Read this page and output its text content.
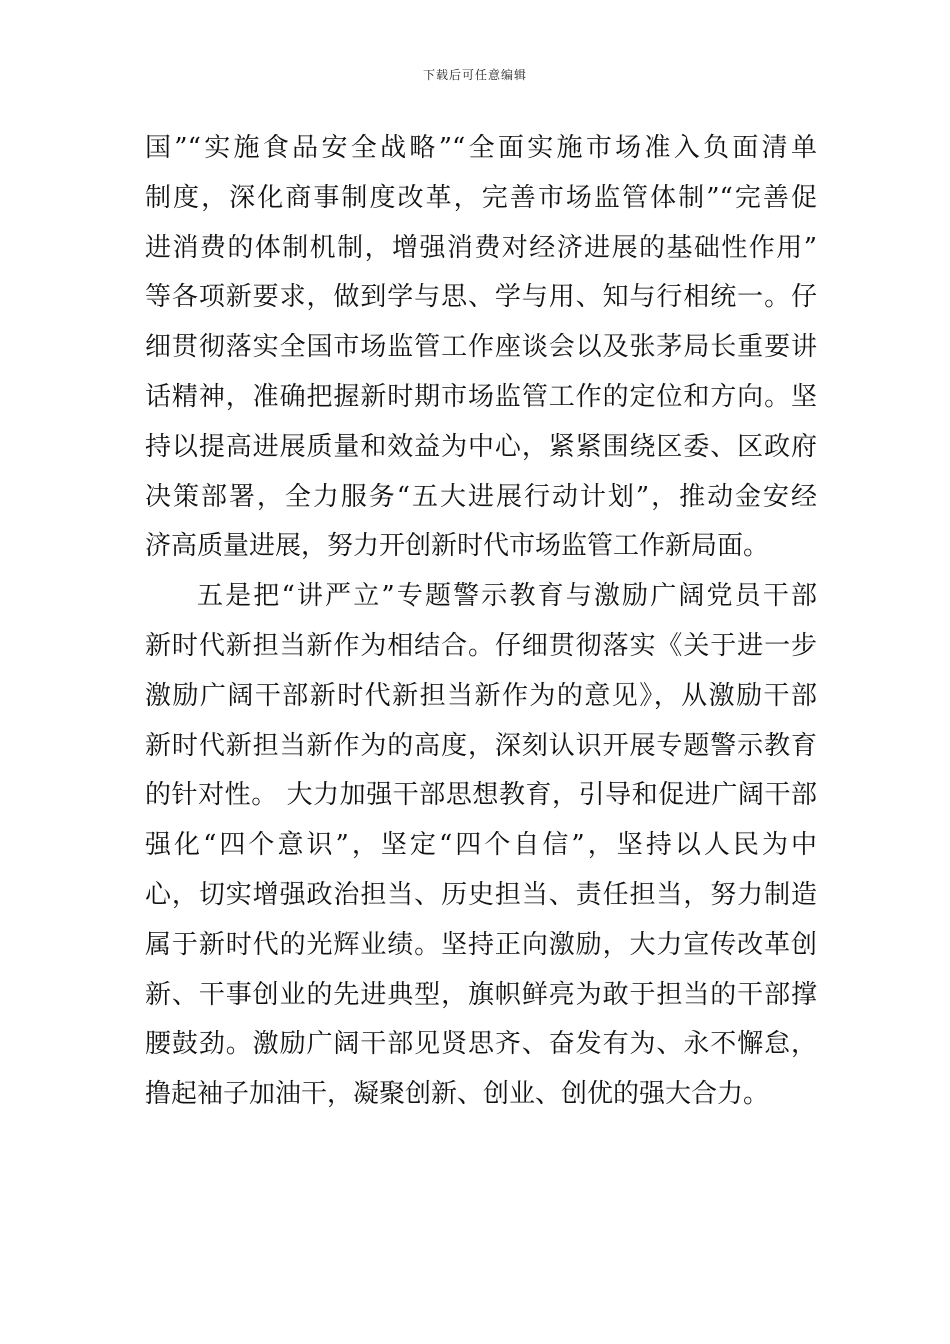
下载后可任意编辑
国”“实施食品安全战略”“全面实施市场准入负面清单
制度，深化商事制度改革，完善市场监管体制”“完善促
进消费的体制机制，增强消费对经济进展的基础性作用”
等各项新要求，做到学与思、学与用、知与行相统一。仔
细贯彻落实全国市场监管工作座谈会以及张茅局长重要讲
话精神，准确把握新时期市场监管工作的定位和方向。坚
持以提高进展质量和效益为中心，紧紧围绕区委、区政府
决策部署，全力服务“五大进展行动计划”，推动金安经
济高质量进展，努力开创新时代市场监管工作新局面。
五是把“讲严立”专题警示教育与激励广阔党员干部
新时代新担当新作为相结合。仔细贯彻落实《关于进一步
激励广阔干部新时代新担当新作为的意见》，从激励干部
新时代新担当新作为的高度，深刻认识开展专题警示教育
的针对性。 大力加强干部思想教育，引导和促进广阔干部
强化“四个意识”，坚定“四个自信”，坚持以人民为中
心，切实增强政治担当、历史担当、责任担当，努力制造
属于新时代的光辉业绩。坚持正向激励，大力宣传改革创
新、干事创业的先进典型，旗帜鲜亮为敢于担当的干部撑
腰鼓劲。激励广阔干部见贤思齐、奋发有为、永不懈怠，
撸起袖子加油干，凝聚创新、创业、创优的强大合力。
